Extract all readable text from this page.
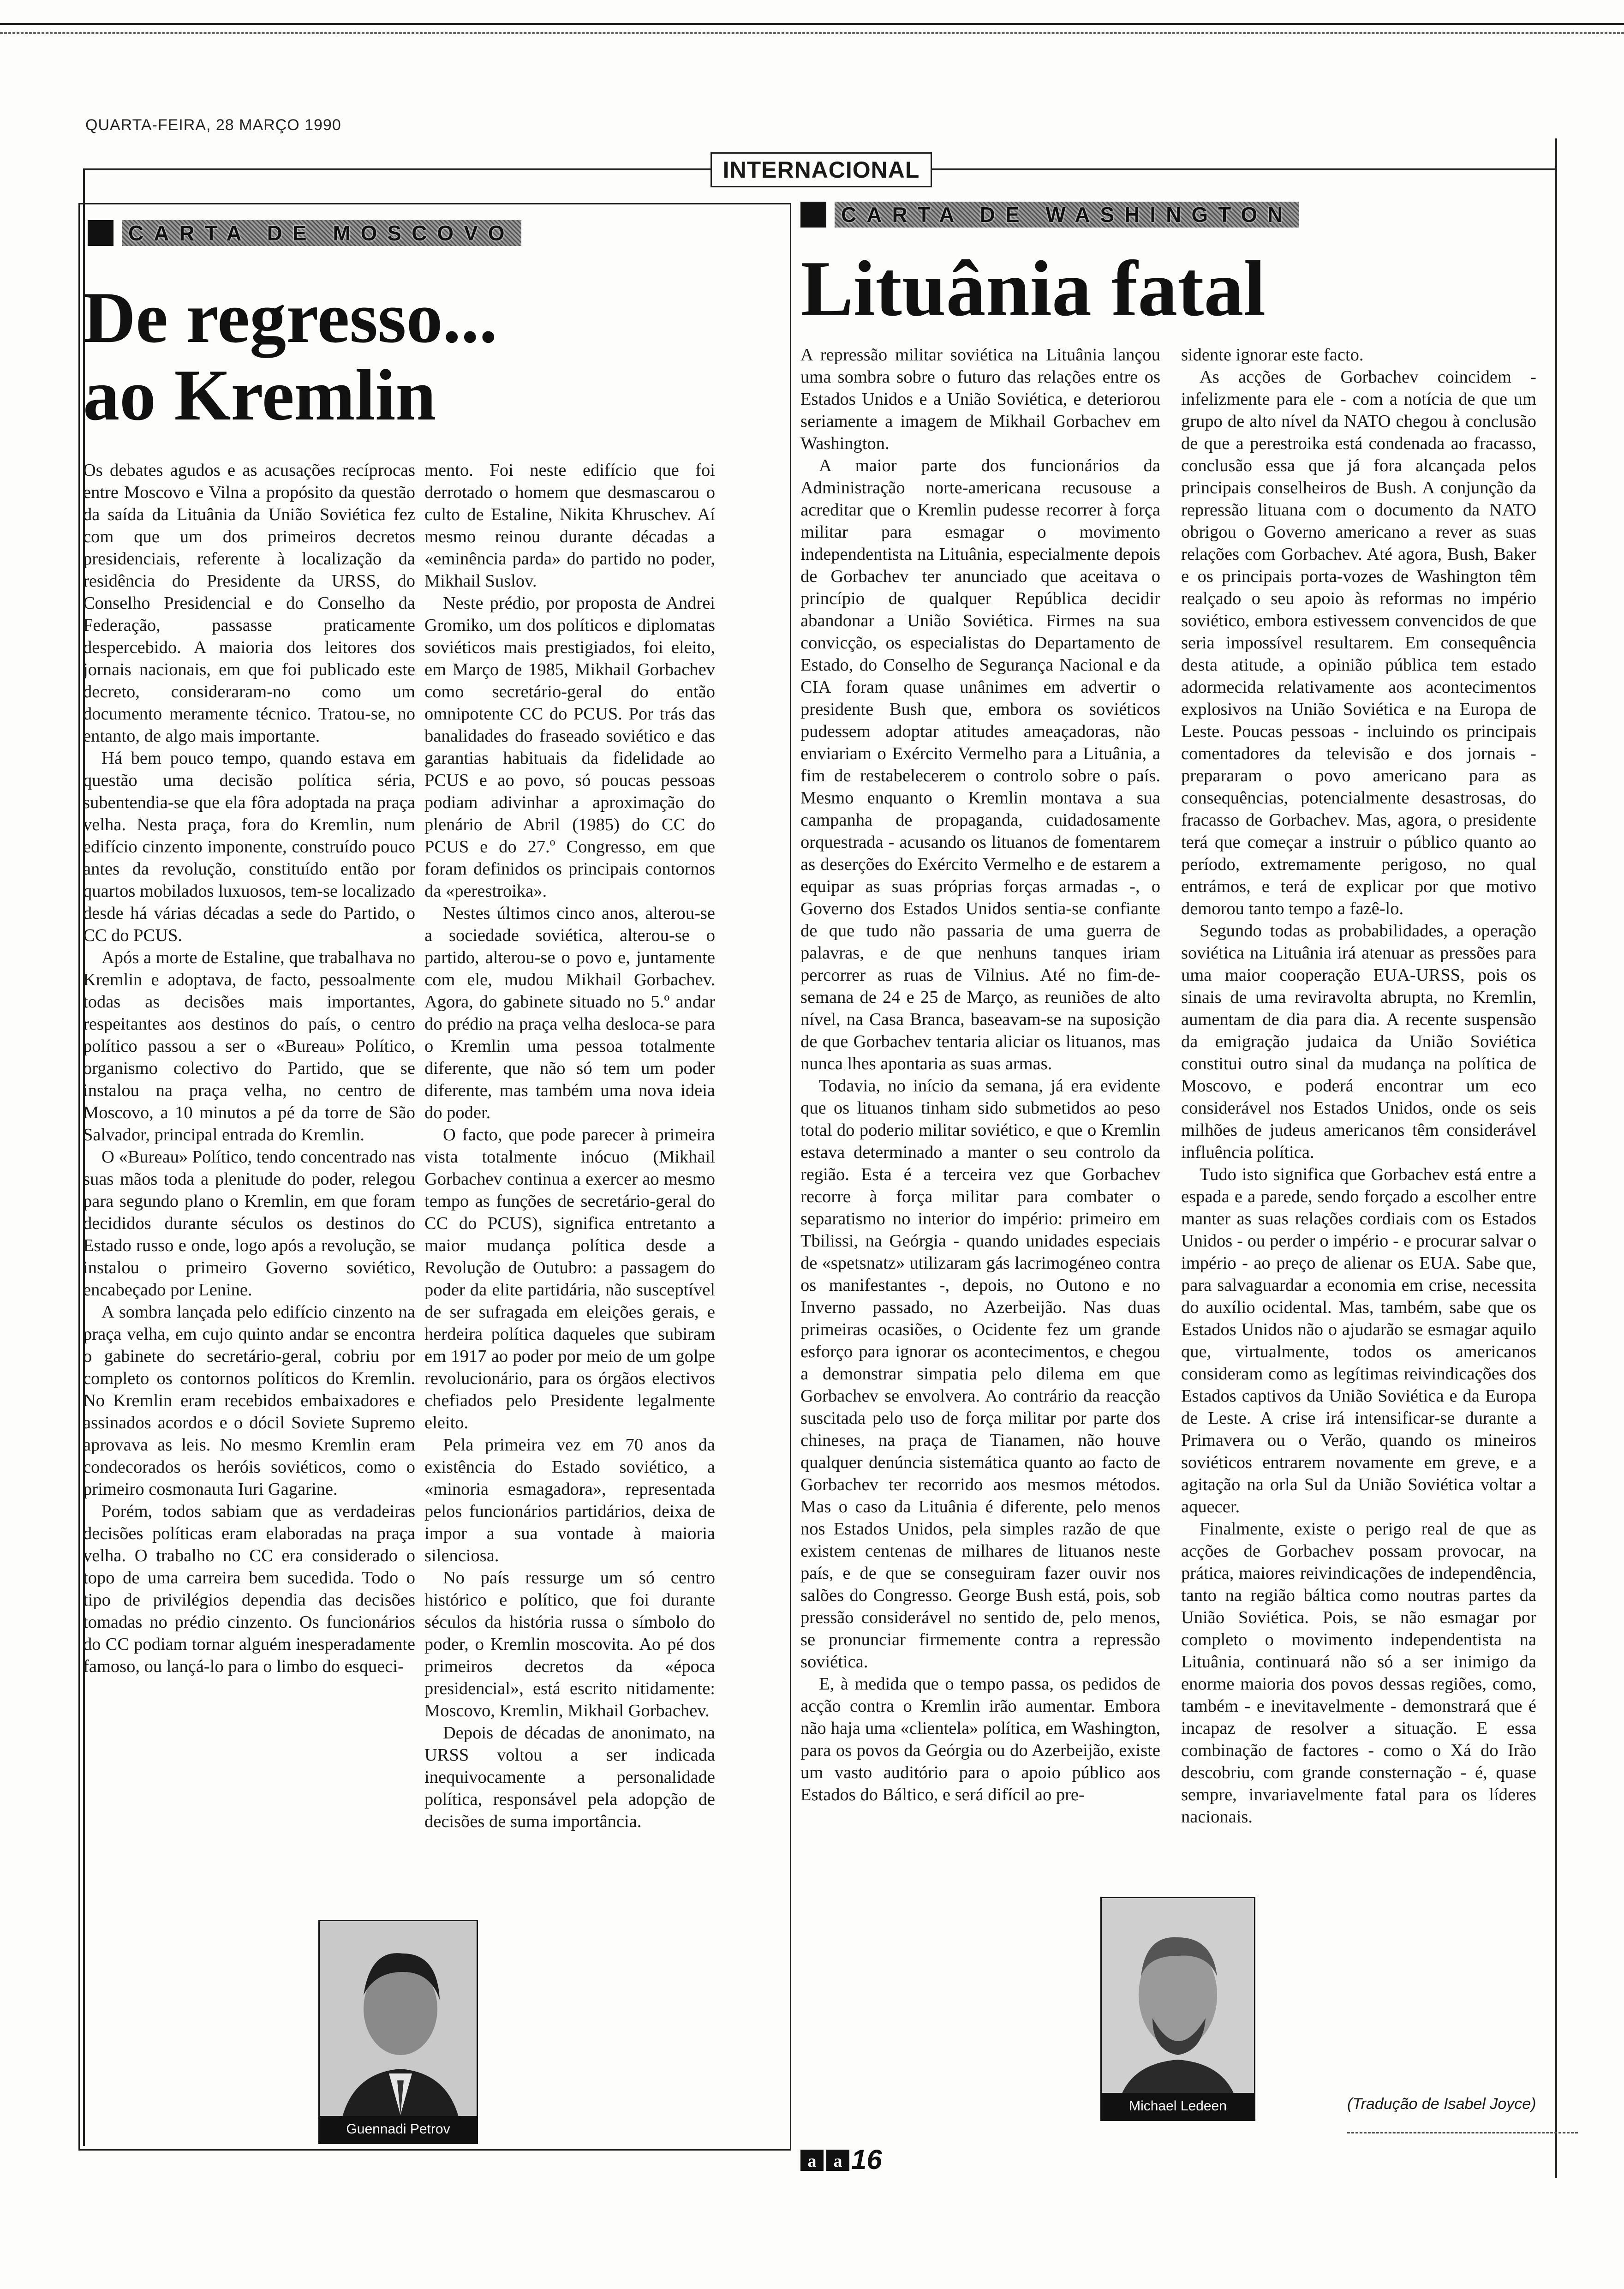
QUARTA-FEIRA, 28 MARÇO 1990
INTERNACIONAL
CARTA DE MOSCOVO
De regresso...
ao Kremlin

Os debates agudos e as acusações recíprocas entre Moscovo e Vilna a propósito da questão da saída da Lituânia da União Soviética fez com que um dos primeiros decretos presidenciais, referente à localização da residência do Presidente da URSS, do Conselho Presidencial e do Conselho da Federação, passasse praticamente despercebido. A maioria dos leitores dos jornais nacionais, em que foi publicado este decreto, consideraram-no como um documento meramente técnico. Tratou-se, no entanto, de algo mais importante.

Há bem pouco tempo, quando estava em questão uma decisão política séria, subentendia-se que ela fôra adoptada na praça velha. Nesta praça, fora do Kremlin, num edifício cinzento imponente, construído pouco antes da revolução, constituído então por quartos mobilados luxuosos, tem-se localizado desde há várias décadas a sede do Partido, o CC do PCUS.

Após a morte de Estaline, que trabalhava no Kremlin e adoptava, de facto, pessoalmente todas as decisões mais importantes, respeitantes aos destinos do país, o centro político passou a ser o «Bureau» Político, organismo colectivo do Partido, que se instalou na praça velha, no centro de Moscovo, a 10 minutos a pé da torre de São Salvador, principal entrada do Kremlin.

O «Bureau» Político, tendo concentrado nas suas mãos toda a plenitude do poder, relegou para segundo plano o Kremlin, em que foram decididos durante séculos os destinos do Estado russo e onde, logo após a revolução, se instalou o primeiro Governo soviético, encabeçado por Lenine.

A sombra lançada pelo edifício cinzento na praça velha, em cujo quinto andar se encontra o gabinete do secretário-geral, cobriu por completo os contornos políticos do Kremlin. No Kremlin eram recebidos embaixadores e assinados acordos e o dócil Soviete Supremo aprovava as leis. No mesmo Kremlin eram condecorados os heróis soviéticos, como o primeiro cosmonauta Iuri Gagarine.

Porém, todos sabiam que as verdadeiras decisões políticas eram elaboradas na praça velha. O trabalho no CC era considerado o topo de uma carreira bem sucedida. Todo o tipo de privilégios dependia das decisões tomadas no prédio cinzento. Os funcionários do CC podiam tornar alguém inesperadamente famoso, ou lançá-lo para o limbo do esqueci-

mento. Foi neste edifício que foi derrotado o homem que desmascarou o culto de Estaline, Nikita Khruschev. Aí mesmo reinou durante décadas a «eminência parda» do partido no poder, Mikhail Suslov.

Neste prédio, por proposta de Andrei Gromiko, um dos políticos e diplomatas soviéticos mais prestigiados, foi eleito, em Março de 1985, Mikhail Gorbachev como secretário-geral do então omnipotente CC do PCUS. Por trás das banalidades do fraseado soviético e das garantias habituais da fidelidade ao PCUS e ao povo, só poucas pessoas podiam adivinhar a aproximação do plenário de Abril (1985) do CC do PCUS e do 27.º Congresso, em que foram definidos os principais contornos da «perestroika».

Nestes últimos cinco anos, alterou-se a sociedade soviética, alterou-se o partido, alterou-se o povo e, juntamente com ele, mudou Mikhail Gorbachev. Agora, do gabinete situado no 5.º andar do prédio na praça velha desloca-se para o Kremlin uma pessoa totalmente diferente, que não só tem um poder diferente, mas também uma nova ideia do poder.

O facto, que pode parecer à primeira vista totalmente inócuo (Mikhail Gorbachev continua a exercer ao mesmo tempo as funções de secretário-geral do CC do PCUS), significa entretanto a maior mudança política desde a Revolução de Outubro: a passagem do poder da elite partidária, não susceptível de ser sufragada em eleições gerais, e herdeira política daqueles que subiram em 1917 ao poder por meio de um golpe revolucionário, para os órgãos electivos chefiados pelo Presidente legalmente eleito.

Pela primeira vez em 70 anos da existência do Estado soviético, a «minoria esmagadora», representada pelos funcionários partidários, deixa de impor a sua vontade à maioria silenciosa.

No país ressurge um só centro histórico e político, que foi durante séculos da história russa o símbolo do poder, o Kremlin moscovita. Ao pé dos primeiros decretos da «época presidencial», está escrito nitidamente: Moscovo, Kremlin, Mikhail Gorbachev.

Depois de décadas de anonimato, na URSS voltou a ser indicada inequivocamente a personalidade política, responsável pela adopção de decisões de suma importância.

Guennadi Petrov
CARTA DE WASHINGTON
Lituânia fatal

A repressão militar soviética na Lituânia lançou uma sombra sobre o futuro das relações entre os Estados Unidos e a União Soviética, e deteriorou seriamente a imagem de Mikhail Gorbachev em Washington.

A maior parte dos funcionários da Administração norte-americana recusouse a acreditar que o Kremlin pudesse recorrer à força militar para esmagar o movimento independentista na Lituânia, especialmente depois de Gorbachev ter anunciado que aceitava o princípio de qualquer República decidir abandonar a União Soviética. Firmes na sua convicção, os especialistas do Departamento de Estado, do Conselho de Segurança Nacional e da CIA foram quase unânimes em advertir o presidente Bush que, embora os soviéticos pudessem adoptar atitudes ameaçadoras, não enviariam o Exército Vermelho para a Lituânia, a fim de restabelecerem o controlo sobre o país. Mesmo enquanto o Kremlin montava a sua campanha de propaganda, cuidadosamente orquestrada - acusando os lituanos de fomentarem as deserções do Exército Vermelho e de estarem a equipar as suas próprias forças armadas -, o Governo dos Estados Unidos sentia-se confiante de que tudo não passaria de uma guerra de palavras, e de que nenhuns tanques iriam percorrer as ruas de Vilnius. Até no fim-de-semana de 24 e 25 de Março, as reuniões de alto nível, na Casa Branca, baseavam-se na suposição de que Gorbachev tentaria aliciar os lituanos, mas nunca lhes apontaria as suas armas.

Todavia, no início da semana, já era evidente que os lituanos tinham sido submetidos ao peso total do poderio militar soviético, e que o Kremlin estava determinado a manter o seu controlo da região. Esta é a terceira vez que Gorbachev recorre à força militar para combater o separatismo no interior do império: primeiro em Tbilissi, na Geórgia - quando unidades especiais de «spetsnatz» utilizaram gás lacrimogéneo contra os manifestantes -, depois, no Outono e no Inverno passado, no Azerbeijão. Nas duas primeiras ocasiões, o Ocidente fez um grande esforço para ignorar os acontecimentos, e chegou a demonstrar simpatia pelo dilema em que Gorbachev se envolvera. Ao contrário da reacção suscitada pelo uso de força militar por parte dos chineses, na praça de Tianamen, não houve qualquer denúncia sistemática quanto ao facto de Gorbachev ter recorrido aos mesmos métodos. Mas o caso da Lituânia é diferente, pelo menos nos Estados Unidos, pela simples razão de que existem centenas de milhares de lituanos neste país, e de que se conseguiram fazer ouvir nos salões do Congresso. George Bush está, pois, sob pressão considerável no sentido de, pelo menos, se pronunciar firmemente contra a repressão soviética.

E, à medida que o tempo passa, os pedidos de acção contra o Kremlin irão aumentar. Embora não haja uma «clientela» política, em Washington, para os povos da Geórgia ou do Azerbeijão, existe um vasto auditório para o apoio público aos Estados do Báltico, e será difícil ao pre-

sidente ignorar este facto.

As acções de Gorbachev coincidem - infelizmente para ele - com a notícia de que um grupo de alto nível da NATO chegou à conclusão de que a perestroika está condenada ao fracasso, conclusão essa que já fora alcançada pelos principais conselheiros de Bush. A conjunção da repressão lituana com o documento da NATO obrigou o Governo americano a rever as suas relações com Gorbachev. Até agora, Bush, Baker e os principais porta-vozes de Washington têm realçado o seu apoio às reformas no império soviético, embora estivessem convencidos de que seria impossível resultarem. Em consequência desta atitude, a opinião pública tem estado adormecida relativamente aos acontecimentos explosivos na União Soviética e na Europa de Leste. Poucas pessoas - incluindo os principais comentadores da televisão e dos jornais - prepararam o povo americano para as consequências, potencialmente desastrosas, do fracasso de Gorbachev. Mas, agora, o presidente terá que começar a instruir o público quanto ao período, extremamente perigoso, no qual entrámos, e terá de explicar por que motivo demorou tanto tempo a fazê-lo.

Segundo todas as probabilidades, a operação soviética na Lituânia irá atenuar as pressões para uma maior cooperação EUA-URSS, pois os sinais de uma reviravolta abrupta, no Kremlin, aumentam de dia para dia. A recente suspensão da emigração judaica da União Soviética constitui outro sinal da mudança na política de Moscovo, e poderá encontrar um eco considerável nos Estados Unidos, onde os seis milhões de judeus americanos têm considerável influência política.

Tudo isto significa que Gorbachev está entre a espada e a parede, sendo forçado a escolher entre manter as suas relações cordiais com os Estados Unidos - ou perder o império - e procurar salvar o império - ao preço de alienar os EUA. Sabe que, para salvaguardar a economia em crise, necessita do auxílio ocidental. Mas, também, sabe que os Estados Unidos não o ajudarão se esmagar aquilo que, virtualmente, todos os americanos consideram como as legítimas reivindicações dos Estados captivos da União Soviética e da Europa de Leste. A crise irá intensificar-se durante a Primavera ou o Verão, quando os mineiros soviéticos entrarem novamente em greve, e a agitação na orla Sul da União Soviética voltar a aquecer.

Finalmente, existe o perigo real de que as acções de Gorbachev possam provocar, na prática, maiores reivindicações de independência, tanto na região báltica como noutras partes da União Soviética. Pois, se não esmagar por completo o movimento independentista na Lituânia, continuará não só a ser inimigo da enorme maioria dos povos dessas regiões, como, também - e inevitavelmente - demonstrará que é incapaz de resolver a situação. E essa combinação de factores - como o Xá do Irão descobriu, com grande consternação - é, quase sempre, invariavelmente fatal para os líderes nacionais.

Michael Ledeen	(Tradução de Isabel Joyce)
a a 16
